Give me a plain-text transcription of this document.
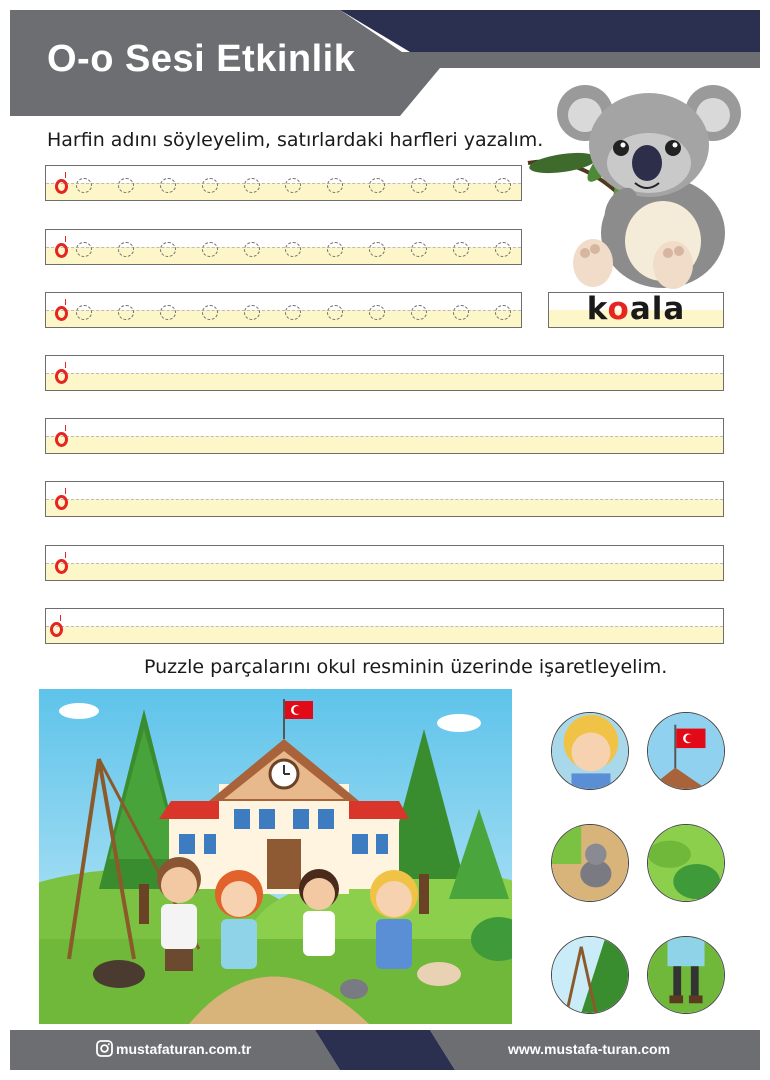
O-o Sesi Etkinlik
Harfin adını söyleyelim, satırlardaki harfleri yazalım.
koala
Puzzle parçalarını okul resminin üzerinde işaretleyelim.
mustafaturan.com.tr	www.mustafa-turan.com
